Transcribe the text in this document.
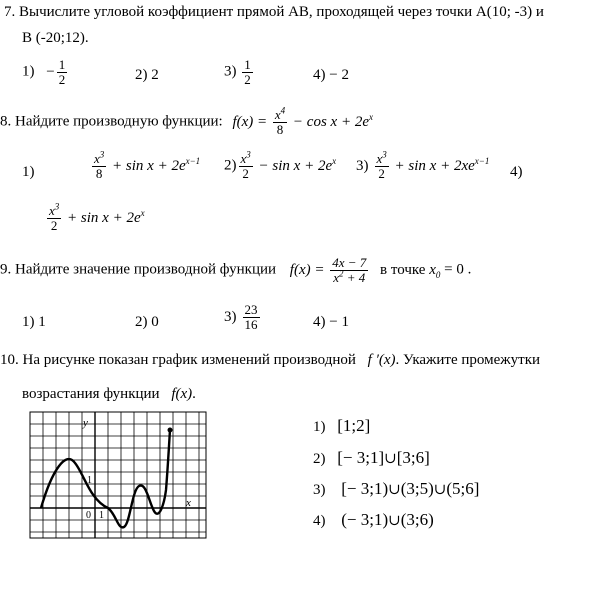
7. Вычислите угловой коэффициент прямой AB, проходящей через точки A(10; -3) и
B (-20;12).
$1) - \frac{1}{2}$	2) 2	$3) \frac{1}{2}$	4) − 2
8. Найдите производную функции: $f(x) = \frac{x^4}{8} - \cos x + 2e^x$
1)	$\frac{x^3}{8} + \sin x + 2e^{x-1}$ $2) \frac{x^3}{2} - \sin x + 2e^x$ $3) \frac{x^3}{2} + \sin x + 2xe^{x-1}$
4)
$\frac{x^3}{2} + \sin x + 2e^x$
9. Найдите значение производной функции $f(x) = \frac{4x - 7}{x^2 + 4}$ в точке $x_0 = 0$ .
1) 1	2) 0	$3) \frac{23}{16}$	4) − 1
10. На рисунке показан график изменений производной f ′(x). Укажите промежутки
возрастания функции f(x).
y
x
1
0 1
1) [1;2]
2) [− 3;1]∪[3;6]
3) [− 3;1)∪(3;5)∪(5;6]
4) (− 3;1)∪(3;6)
